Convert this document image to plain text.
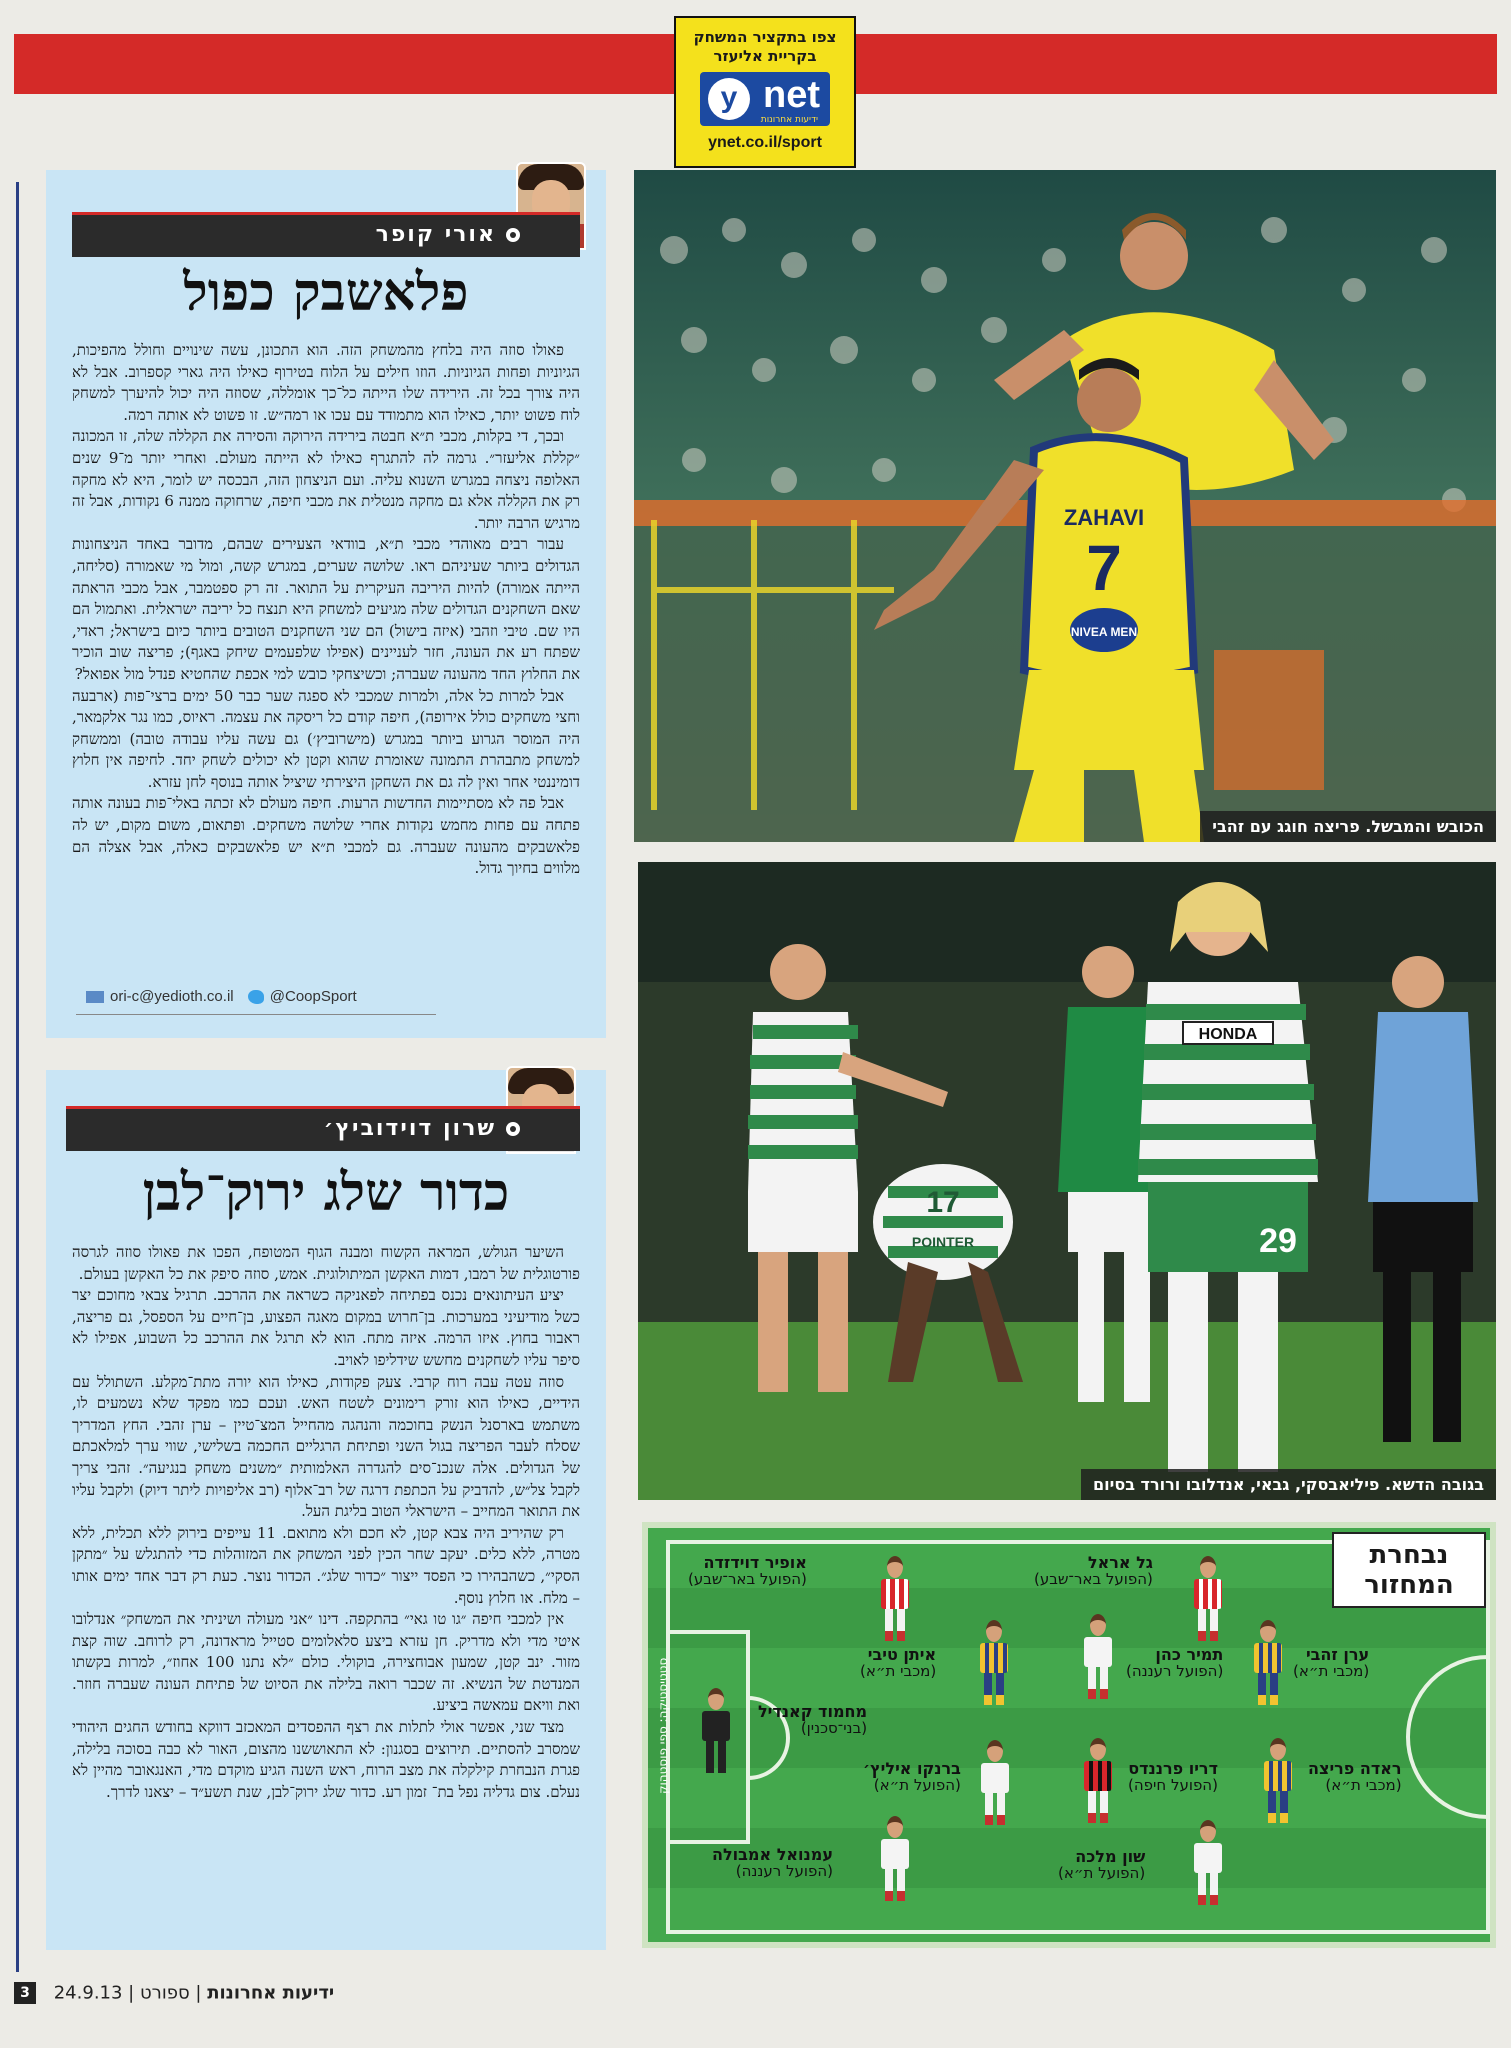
צפו בתקציר המשחק בקריית אליעזר
y net
ידיעות אחרונות
ynet.co.il/sport
אורי קופר
פלאשבק כפול

פאולו סוזה היה בלחץ מהמשחק הזה. הוא התכונן, עשה שינויים וחולל מהפיכות, הגיוניות ופחות הגיוניות. הוזו חילים על הלוח בטירוף כאילו היה גארי קספרוב. אבל לא היה צורך בכל זה. הירידה שלו הייתה כל־כך אומללה, שסוזה היה יכול להיערך למשחק לוח פשוט יותר, כאילו הוא מתמודד עם עכו או רמה״ש. זו פשוט לא אותה רמה.

ובכך, די בקלות, מכבי ת״א חבטה בירידה הירוקה והסירה את הקללה שלה, זו המכונה ״קללת אליעזר״. גרמה לה להתגרף כאילו לא הייתה מעולם. ואחרי יותר מ־9 שנים האלופה ניצחה במגרש השנוא עליה. ועם הניצחון הזה, הבכסה יש לומר, היא לא מחקה רק את הקללה אלא גם מחקה מנטלית את מכבי חיפה, שרחוקה ממנה 6 נקודות, אבל זה מרגיש הרבה יותר.

עבור רבים מאוהדי מכבי ת״א, בוודאי הצעירים שבהם, מדובר באחד הניצחונות הגדולים ביותר שעיניהם ראו. שלושה שערים, במגרש קשה, ומול מי שאמורה (סליחה, הייתה אמורה) להיות היריבה העיקרית על התואר. זה רק ספטמבר, אבל מכבי הראתה שאם השחקנים הגדולים שלה מגיעים למשחק היא תנצח כל יריבה ישראלית. ואתמול הם היו שם. טיבי וזהבי (איזה בישול) הם שני השחקנים הטובים ביותר כיום בישראל; ראדי, שפתח רע את העונה, חזר לעניינים (אפילו שלפעמים שיחק באגף); פריצה שוב הוכיר את החלוץ החד מהעונה שעברה; וכשיצחקי כובש למי אכפת שהחטיא פנדל מול אפואל?

אבל למרות כל אלה, ולמרות שמכבי לא ספגה שער כבר 50 ימים ברצי־פות (ארבעה וחצי משחקים כולל אירופה), חיפה קודם כל ריסקה את עצמה. ראיוס, כמו נגר אלקמאר, היה המוסר הגרוע ביותר במגרש (מישרוביץ׳) גם עשה עליו עבודה טובה) וממשחק למשחק מתבהרת התמונה שאומרת שהוא וקטן לא יכולים לשחק יחד. לחיפה אין חלוץ דומיננטי אחר ואין לה גם את השחקן היצירתי שיציל אותה בנוסף לחן עזרא.

אבל פה לא מסתיימות החדשות הרעות. חיפה מעולם לא זכתה באלי־פות בעונה אותה פתחה עם פחות מחמש נקודות אחרי שלושה משחקים. ופתאום, משום מקום, יש לה פלאשבקים מהעונה שעברה. גם למכבי ת״א יש פלאשבקים כאלה, אבל אצלה הם מלווים בחיוך גדול.

ori-c@yedioth.co.il @CoopSport
שרון דוידוביץ׳
כדור שלג ירוק־לבן

השיער הגולש, המראה הקשוח ומבנה הגוף המטופח, הפכו את פאולו סוזה לגרסה פורטוגלית של רמבו, דמות האקשן המיתולוגית. אמש, סוזה סיפק את כל האקשן בעולם.

יציע העיתונאים נכנס בפתיחה לפאניקה כשראה את ההרכב. תרגיל צבאי מחוכם יצר כשל מודיעיני במערכות. בן־חרוש במקום מאגה הפצוע, בן־חיים על הספסל, גם פריצה, ראבור בחוץ. איזו הרמה. איזה מתח. הוא לא תרגל את ההרכב כל השבוע, אפילו לא סיפר עליו לשחקנים מחשש שידליפו לאויב.

סוזה עטה עבה רוח קרבי. צעק פקודות, כאילו הוא יורה מתת־מקלע. השתולל עם הידיים, כאילו הוא זורק רימונים לשטח האש. ועכם כמו מפקד שלא נשמעים לו, משתמש בארסנל הנשק בחוכמה והנהגה מהחייל המצ־טיין – ערן זהבי. החץ המדריך שסלח לעבר הפריצה בגול השני ופתיחת הרגליים החכמה בשלישי, שווי ערך למלאכתם של הגדולים. אלה שנכנ־סים להגדרה האלמותית ״משנים משחק בנגיעה״. זהבי צריך לקבל צל״ש, להדביק על הכתפת דרגה של רב־אלוף (רב אליפויות ליתר דיוק) ולקבל עליו את התואר המחייב – הישראלי הטוב בליגת העל.

רק שהיריב היה צבא קטן, לא חכם ולא מתואם. 11 עייפים בירוק ללא תכלית, ללא מטרה, ללא כלים. יעקב שחר הכין לפני המשחק את המזוהלות כדי להתגלש על ״מתקן הסקי״, כשהבהירו כי הפסד ייצור ״כדור שלג״. הכדור נוצר. כעת רק דבר אחד ימים אותו – מלח. או חלוץ נוסף.

אין למכבי חיפה ״גו טו גאי״ בהתקפה. דינו ״אני מעולה ושיניתי את המשחק״ אנדלובו איטי מדי ולא מדריק. חן עזרא ביצע סלאלומים סטייל מראדונה, רק לרוחב. שוה קצת מזור. ינב קטן, שמעון אבוחצירה, בוקולי. כולם ״לא נתנו 100 אחוז״, למרות בקשתו המנדטת של הנשיא. זה שכבר רואה בלילה את הסיוט של פתיחת העונה שעברה חוזר. ואת וויאם עמאשה ביציע.

מצד שני, אפשר אולי לתלות את רצף ההפסדים המאכזב דווקא בחודש החגים היהודי שמסרב להסתיים. תירוצים בסגנון: לא התאוששנו מהצום, האור לא כבה בסוכה בלילה, פגרת הנבחרת קילקלה את מצב הרוח, ראש השנה הגיע מוקדם מדי, האנגאובר מהיין לא נעלם. צום גדליה נפל בת־ זמון רע. כדור שלג ירוק־לבן, שנת תשע״ד – יצאנו לדרך.

ZAHAVI
7
NIVEA MEN
הכובש והמבשל. פריצה חוגג עם זהבי
17
POINTER
HONDA
29
בגובה הדשא. פיליאבסקי, גבאי, אנדלובו ורורד בסיום
נבחרת המחזור
סטטיסטיקה: ספי פוסטהוק
אופיר דוידזדה
(הפועל באר־שבע)
גל אראל
(הפועל באר־שבע)
איתן טיבי
(מכבי ת״א)
תמיר כהן
(הפועל רעננה)
ערן זהבי
(מכבי ת״א)
מחמוד קאנדיל
(בני־סכנין)
ברנקו איליץ׳
(הפועל ת״א)
דריו פרננדס
(הפועל חיפה)
ראדה פריצה
(מכבי ת״א)
עמנואל אמבולה
(הפועל רעננה)
שון מלכה
(הפועל ת״א)
3	ידיעות אחרונות | ספורט | 24.9.13
